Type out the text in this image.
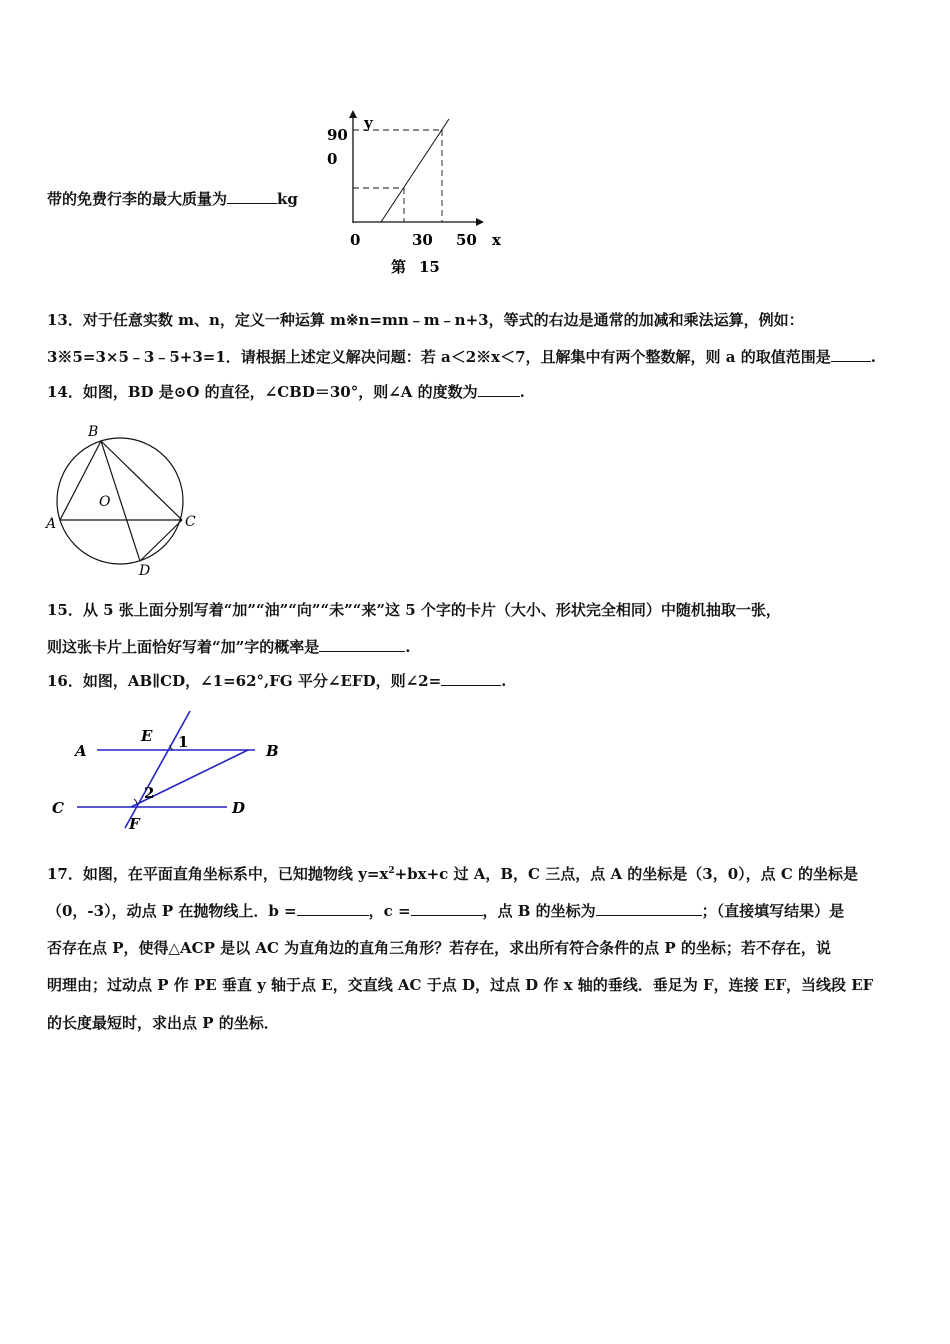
带的免费行李的最大质量为	kg
y
90
0
0	30 50 x
第 15
13．对于任意实数 m、n，定义一种运算 m※n=mn﹣m﹣n+3，等式的右边是通常的加减和乘法运算，例如：
3※5=3×5﹣3﹣5+3=1．请根据上述定义解决问题：若 a＜2※x＜7，且解集中有两个整数解，则 a 的取值范围是	.
14．如图，BD 是⊙O 的直径，∠CBD＝30°，则∠A 的度数为	.
B
O
A	C
D
15．从 5 张上面分别写着“加”“油”“向”“未”“来”这 5 个字的卡片（大小、形状完全相同）中随机抽取一张，
则这张卡片上面恰好写着“加”字的概率是	.
16．如图，AB∥CD，∠1=62°,FG 平分∠EFD，则∠2=	.
A
E 1	B
2
C
F
D
17．如图，在平面直角坐标系中，已知抛物线 $y=x^2+bx+c$ 过 A，B，C 三点，点 A 的坐标是（3，0），点 C 的坐标是
（0，-3），动点 P 在抛物线上．b =	，c =	，点 B 的坐标为	；（直接填写结果）是
否存在点 P，使得△ACP 是以 AC 为直角边的直角三角形？若存在，求出所有符合条件的点 P 的坐标；若不存在，说
明理由；过动点 P 作 PE 垂直 y 轴于点 E，交直线 AC 于点 D，过点 D 作 x 轴的垂线．垂足为 F，连接 EF，当线段 EF
的长度最短时，求出点 P 的坐标．
